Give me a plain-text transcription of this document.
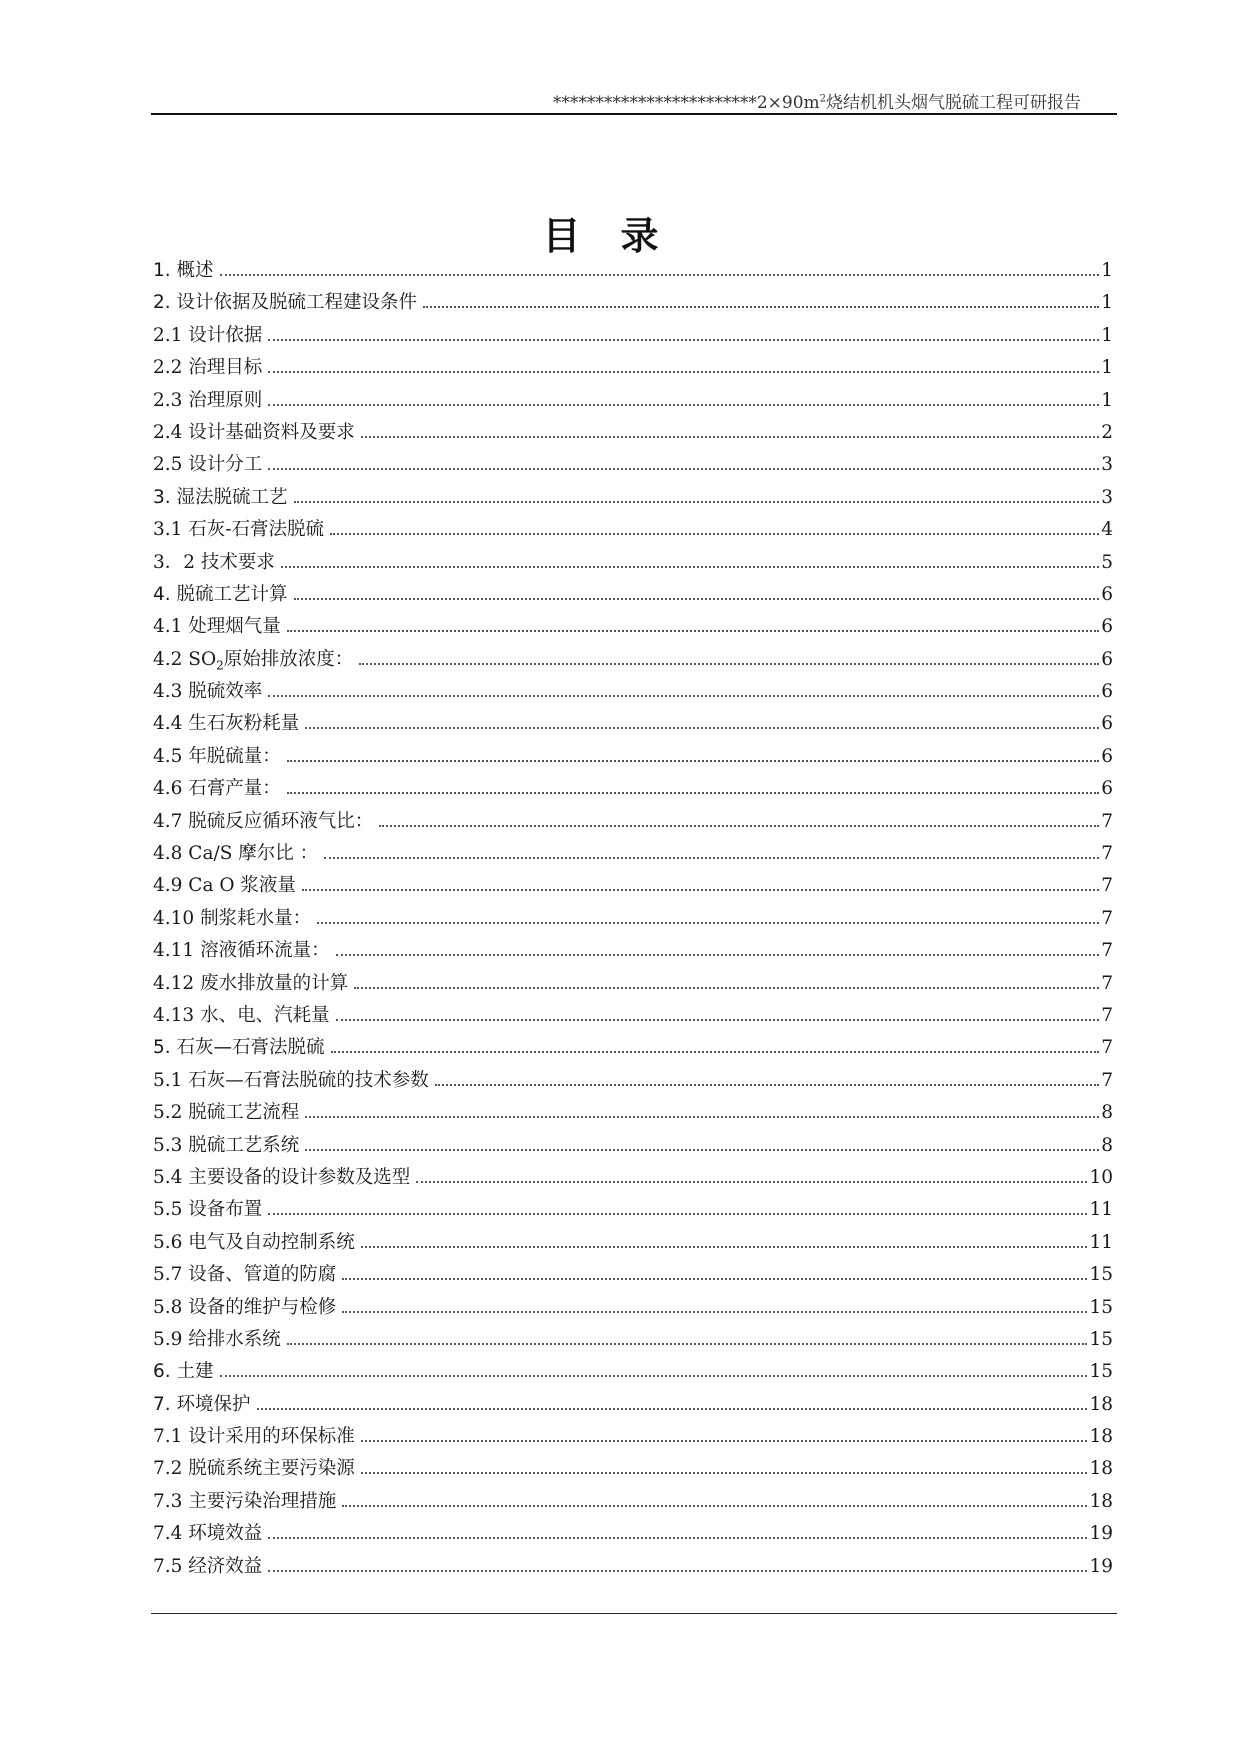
$************************2\times 90m^2$烧结机机头烟气脱硫工程可研报告
目录
1. 概述	1
2. 设计依据及脱硫工程建设条件	1
2.1 设计依据	1
2.2 治理目标	1
2.3 治理原则	1
2.4 设计基础资料及要求	2
2.5 设计分工	3
3. 湿法脱硫工艺	3
3.1 石灰-石膏法脱硫	4
3．2 技术要求	5
4. 脱硫工艺计算	6
4.1 处理烟气量	6
4.2 $SO_2$原始排放浓度：	6
4.3 脱硫效率	6
4.4 生石灰粉耗量	6
4.5 年脱硫量：	6
4.6 石膏产量：	6
4.7 脱硫反应循环液气比：	7
4.8 Ca/S 摩尔比 ：	7
4.9 Ca O 浆液量	7
4.10 制浆耗水量：	7
4.11 溶液循环流量：	7
4.12 废水排放量的计算	7
4.13 水、电、汽耗量	7
5. 石灰—石膏法脱硫	7
5.1 石灰—石膏法脱硫的技术参数	7
5.2 脱硫工艺流程	8
5.3 脱硫工艺系统	8
5.4 主要设备的设计参数及选型	10
5.5 设备布置	11
5.6 电气及自动控制系统	11
5.7 设备、管道的防腐	15
5.8 设备的维护与检修	15
5.9 给排水系统	15
6. 土建	15
7. 环境保护	18
7.1 设计采用的环保标准	18
7.2 脱硫系统主要污染源	18
7.3 主要污染治理措施	18
7.4 环境效益	19
7.5 经济效益	19
